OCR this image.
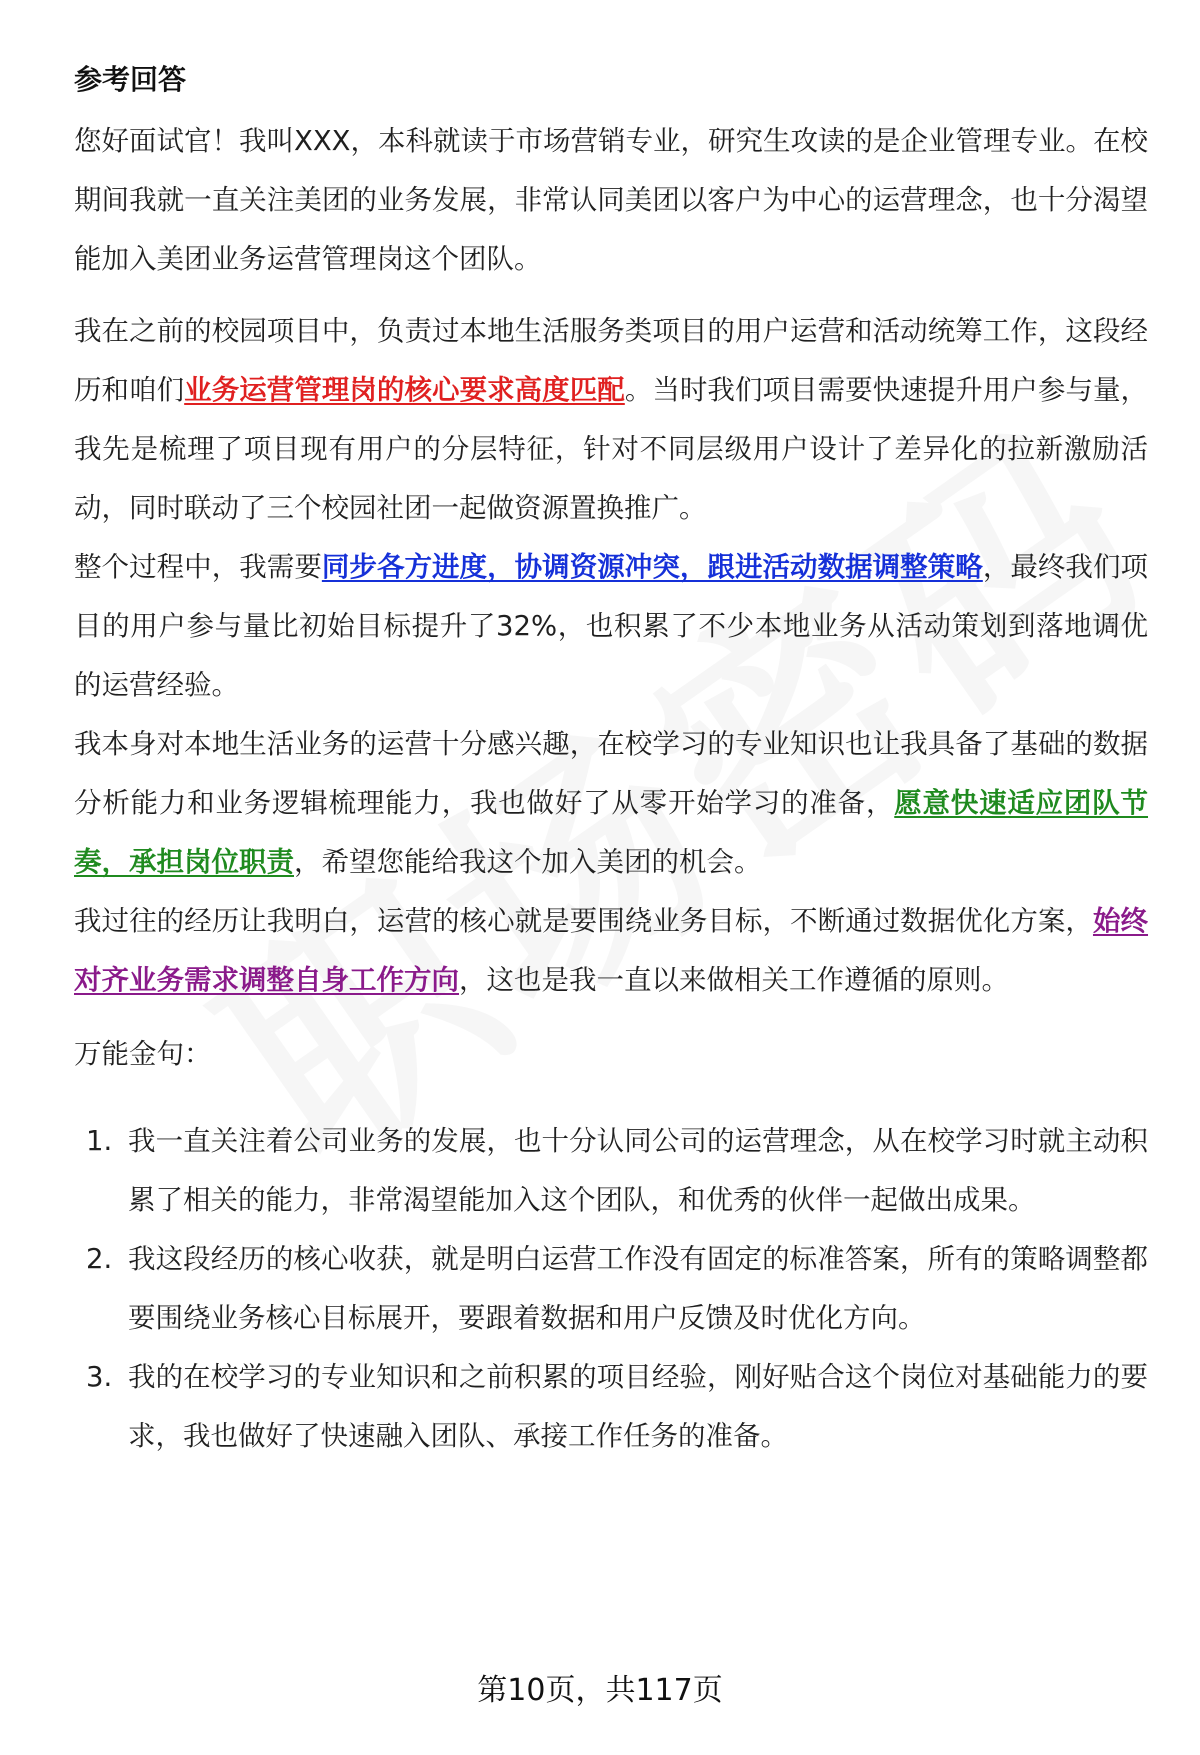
参考回答

您好面试官！我叫XXX，本科就读于市场营销专业，研究生攻读的是企业管理专业。在校期间我就一直关注美团的业务发展，非常认同美团以客户为中心的运营理念，也十分渴望能加入美团业务运营管理岗这个团队。

我在之前的校园项目中，负责过本地生活服务类项目的用户运营和活动统筹工作，这段经历和咱们业务运营管理岗的核心要求高度匹配。当时我们项目需要快速提升用户参与量，我先是梳理了项目现有用户的分层特征，针对不同层级用户设计了差异化的拉新激励活动，同时联动了三个校园社团一起做资源置换推广。

整个过程中，我需要同步各方进度，协调资源冲突，跟进活动数据调整策略，最终我们项目的用户参与量比初始目标提升了32%，也积累了不少本地业务从活动策划到落地调优的运营经验。

我本身对本地生活业务的运营十分感兴趣，在校学习的专业知识也让我具备了基础的数据分析能力和业务逻辑梳理能力，我也做好了从零开始学习的准备，愿意快速适应团队节奏，承担岗位职责，希望您能给我这个加入美团的机会。

我过往的经历让我明白，运营的核心就是要围绕业务目标，不断通过数据优化方案，始终对齐业务需求调整自身工作方向，这也是我一直以来做相关工作遵循的原则。

万能金句：

1. 我一直关注着公司业务的发展，也十分认同公司的运营理念，从在校学习时就主动积累了相关的能力，非常渴望能加入这个团队，和优秀的伙伴一起做出成果。
2. 我这段经历的核心收获，就是明白运营工作没有固定的标准答案，所有的策略调整都要围绕业务核心目标展开，要跟着数据和用户反馈及时优化方向。
3. 我的在校学习的专业知识和之前积累的项目经验，刚好贴合这个岗位对基础能力的要求，我也做好了快速融入团队、承接工作任务的准备。
第10页，共117页
